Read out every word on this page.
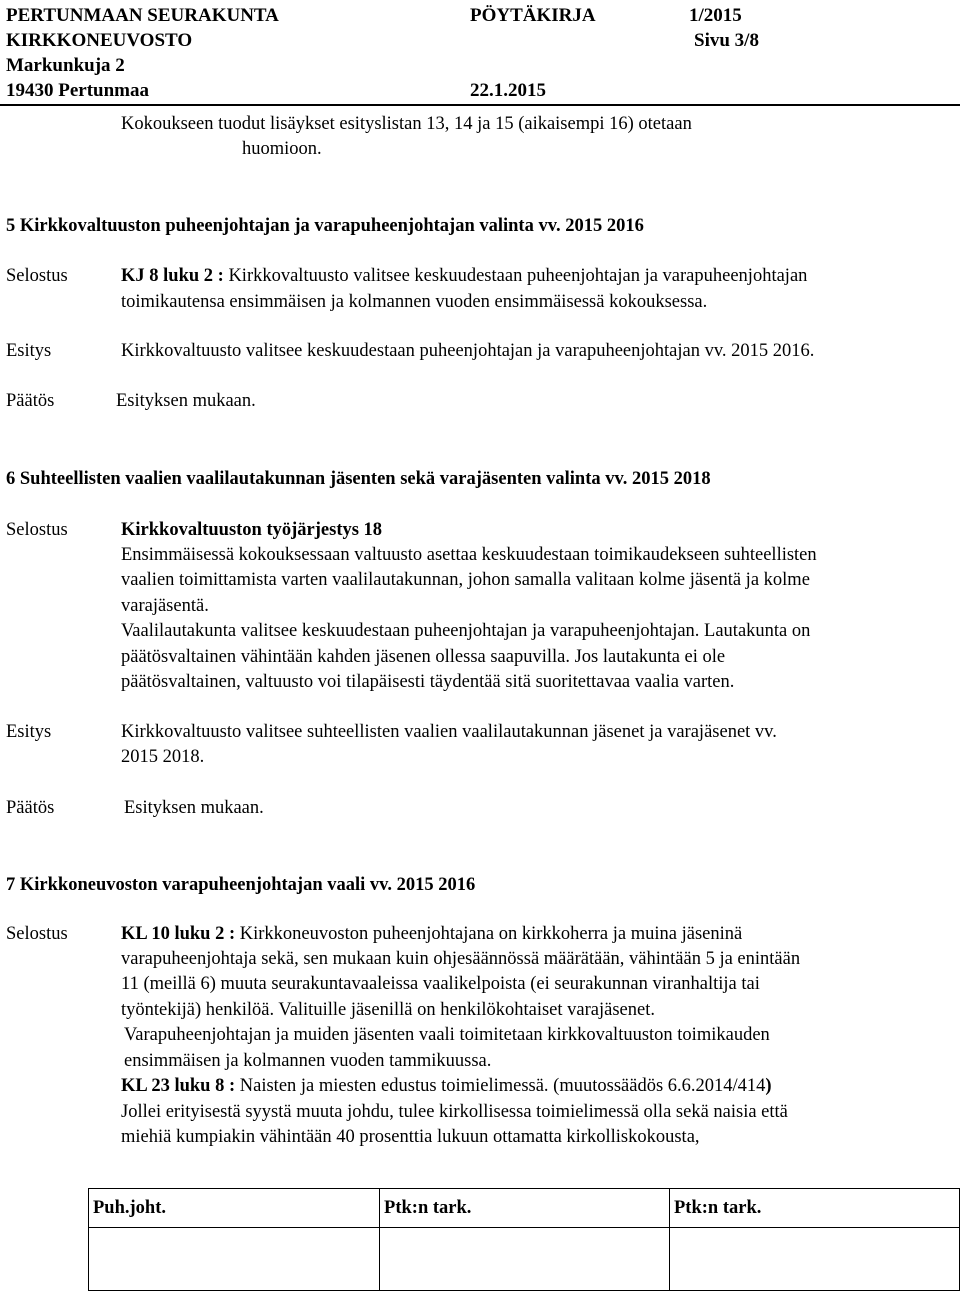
PERTUNMAAN SEURAKUNTA	PÖYTÄKIRJA	1/2015
KIRKKONEUVOSTO	Sivu 3/8
Markunkuja 2
19430 Pertunmaa	22.1.2015
Kokoukseen tuodut lisäykset esityslistan 13, 14 ja 15 (aikaisempi 16) otetaan
huomioon.
5 Kirkkovaltuuston puheenjohtajan ja varapuheenjohtajan valinta vv. 2015 2016
Selostus	KJ 8 luku 2 : Kirkkovaltuusto valitsee keskuudestaan puheenjohtajan ja varapuheenjohtajan
toimikautensa ensimmäisen ja kolmannen vuoden ensimmäisessä kokouksessa.
Esitys	Kirkkovaltuusto valitsee keskuudestaan puheenjohtajan ja varapuheenjohtajan vv. 2015 2016.
Päätös	Esityksen mukaan.
6 Suhteellisten vaalien vaalilautakunnan jäsenten sekä varajäsenten valinta vv. 2015 2018
Selostus	Kirkkovaltuuston työjärjestys 18
Ensimmäisessä kokouksessaan valtuusto asettaa keskuudestaan toimikaudekseen suhteellisten
vaalien toimittamista varten vaalilautakunnan, johon samalla valitaan kolme jäsentä ja kolme
varajäsentä.
Vaalilautakunta valitsee keskuudestaan puheenjohtajan ja varapuheenjohtajan. Lautakunta on
päätösvaltainen vähintään kahden jäsenen ollessa saapuvilla. Jos lautakunta ei ole
päätösvaltainen, valtuusto voi tilapäisesti täydentää sitä suoritettavaa vaalia varten.
Esitys	Kirkkovaltuusto valitsee suhteellisten vaalien vaalilautakunnan jäsenet ja varajäsenet vv.
2015 2018.
Päätös	Esityksen mukaan.
7 Kirkkoneuvoston varapuheenjohtajan vaali vv. 2015 2016
Selostus	KL 10 luku 2 : Kirkkoneuvoston puheenjohtajana on kirkkoherra ja muina jäseninä
varapuheenjohtaja sekä, sen mukaan kuin ohjesäännössä määrätään, vähintään 5 ja enintään
11 (meillä 6) muuta seurakuntavaaleissa vaalikelpoista (ei seurakunnan viranhaltija tai
työntekijä) henkilöä. Valituille jäsenillä on henkilökohtaiset varajäsenet.
Varapuheenjohtajan ja muiden jäsenten vaali toimitetaan kirkkovaltuuston toimikauden
ensimmäisen ja kolmannen vuoden tammikuussa.
KL 23 luku 8 : Naisten ja miesten edustus toimielimessä. (muutossäädös 6.6.2014/414)
Jollei erityisestä syystä muuta johdu, tulee kirkollisessa toimielimessä olla sekä naisia että
miehiä kumpiakin vähintään 40 prosenttia lukuun ottamatta kirkolliskokousta,
Puh.joht.	Ptk:n tark.	Ptk:n tark.
